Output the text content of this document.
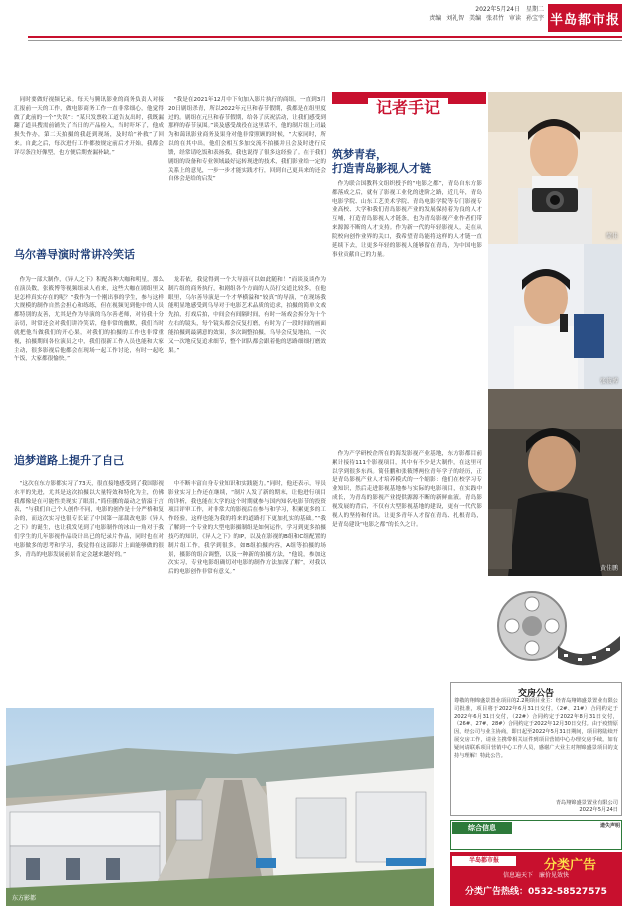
2022年5月24日　星期二
责编 刘礼智 美编 张君竹 审读 孙宝宇 半岛都市报
同时要做好视频记录。每天与腾讯影业的商务负责人对接汇报前一天的工作，做电影商务工作一直非常细心，他觉得做了此前的一个“失误”：“某只发票收工道告友出时，我既漏翻了道具搜需前铺失了当日的产品检入，当时吓坏了，他成损失作办，第二天拍摄的我赶到现场，及时给“补救”了回来。自此之后，每次进行工作都按规定前后才开始，我都会详尽条注好像型，也方便后期查漏补缺。”
“我是在2021年12月中下旬加入影片执行的商组，一直到3月20日剧组杀青，所以2022年元旦和春节假期，我都是在组里度过的。剧组在元旦和春节假期，给各了庆祝活动，让我们感受到那样的春节氛围。”谈及感受战役在这里话不，他的制片组上司最为和蔼讯影业商务及果身对他非常照顾的时候，“大家同时，所以的在其中出，他们会相互多加交流不拍摄并且会及时进行反馈，经常请吃饭和表扬我，我也说得了很多这经验了。在于我们剧组的设备和专业领域最好运转现进的技术，我们影业给一定的关系上的意见，一步一步才能实践才行，回到自己更具来的还会自体会是给的启发”
乌尔善导演时常讲冷笑话
作为一部大制作，《异人之下》积配各种大咖和明星，那么在演员数，张筱博等视频组录人看来，这些大咖在剧组里又是怎样真实存在的呢？“我作为一个刚出事的学生，参与这样大规模的制作自然会担心和练练，但在视频见到他中的人员都特别的友善，尤其是作为导演的乌尔善老师，对待我十分亲切，时常还会对我们讲冷笑话，他非常的幽默，我们当时就把他当做我们的开心果，对我们的拍摄的工作也非常重视，拍摄期间各位演员之中，我们很新工作人员也能和大家主动，很多影视后他都会在现场一起工作讨论，有时一起吃午饭，大家都很愉快。”
龙若依，我觉得到一个大导演可以如此随和！”而谈及谈作为制片组的商务执行，和剧组各个方面的人员打交道比较多，在他眼里，乌尔善导演是一个才华横溢和“较真”的导演，“在现场我能明显地感受到乌导对于电影艺术品质的追求，拍摄的简单文戏先拍，打戏后拍，中间会有间隔时间，有时一场戏会拆分为十个左右的镜头，每个镜头都会反复打磨，有时为了一段时间的画面能拍摄到最满意的效果，多次调整拍摄，乌导会反复地拍，一次又一次地反复追求细节，整个团队都会跟着他的思路细细打磨效果。”
追梦道路上提升了自己
“这次在东方影都实习了73天，很直接地感受到了我国影视水平的先进，尤其是这次拍摄以大量特效和特化为主，仿佛我都像是在可能性美现实了眼泪。”简佳鹏的最动之情溢于言表，“与我们自己个人创作不同，电影的创作是十分严格和复杂的，而这次实习也很专长证了中国第一部裁改电影《异人之下》的诞生，也让我发见到了电影制作的冰山一角对于我们学生的几年影视作品设计出已的纪录片作品，同时也在对电影做多的思考和学习，我觉得在这部影片上面能够做的很多，青岛的电影发展前景肯定会越来越好的。”
中不断丰富自身专业知识和实践能力。”同时，他还表示，导员影业实习上作还在继续，“制片人发了新的期末，让他进行项目的详析，我也能在大学的这个时期就参与国内知名电影节的投资项目评审工作，对非常大的影视后在参与和学习，积累更多的工作经验，这样也能为我的将来的道路打下更加扎实的基础。”“我了解到一个专业的大型电影摄制组是如何运作，学习到更多拍摄技巧的知识，《异人之下》的IP，以及在影视的B组和C组配置的制片组工作，我学到很多，如B组拍摄内容，A组等拍摄的场景，摄影的组合调整，以及一种新的拍摄方法，“他说，参加这次实习，专业电影组确切对电影的制作方法加深了解”，对我以后的电影创作非常有意义。”
东方影都
记者手记
筑梦青春，
打造青岛影视人才链
作为联合国教科文组织授予的“电影之都”，青岛自东方影都落成之后，就有了影视工业化的进阶之路，近几年，青岛电影学院、山东工艺美术学院、青岛电影学院等专门影视专业高校、大学和我们青岛影视产业的发展保持着为良的人才互哺，打造青岛影视人才链条，也为青岛影视产业作者们带来源源不断的人才支持。作为新一代的年轻影视人，走在从院校向创作业界的关口，我希望青岛能将这样的人才链一直延续下去，让更多年轻的影视人能够留在青岛，为中国电影事业贡献自己的力量。
作为产学研校企所在的海发影视产业基地，东方影都目前累计接待111个影视项目，其中有不少是大制作，在这里可以学到很多东西。简佳鹏和张筱博两位青年学子的经历，正是青岛影视产业人才培养模式的一个缩影：他们在校学习专业知识，然后走进影视基地参与实际的电影项目，在实践中成长，为青岛的影视产业提供源源不断的新鲜血液。青岛影视发展的背后，不仅有大型影视基地的建设，更有一代代影视人的坚持和付出。让更多青年人才留在青岛、扎根青岛，是青岛建设“电影之都”的长久之计。
简佳
张筱博
黄佳鹏
交房公告
尊敬的翔锦盛景置业项目的2.2期项目业主：经青岛翔锦盛景置业有限公司批准，项目将于2022年6月31日交付，（2#、21#）合同约定于2022年6月31日交付，（22#）合同约定于2022年8月31日交付，（26#、27#、28#）合同约定于2022年12月30日交付。由于疫情原因，经公司与业主协商，即日起至2022年5月31日期间，项目将陆续开展交房工作，请业主携带相关证件到项目营销中心办理交房手续。如有疑问请联系项目营销中心工作人员，感谢广大业主对翔锦盛景项目的支持与理解！特此公告。
青岛翔锦盛景置业有限公司
2022年5月24日
综合信息	遗失声明
半岛都市报	分类广告
信息遍天下　廉价见效快
分类广告热线：0532-58527575
